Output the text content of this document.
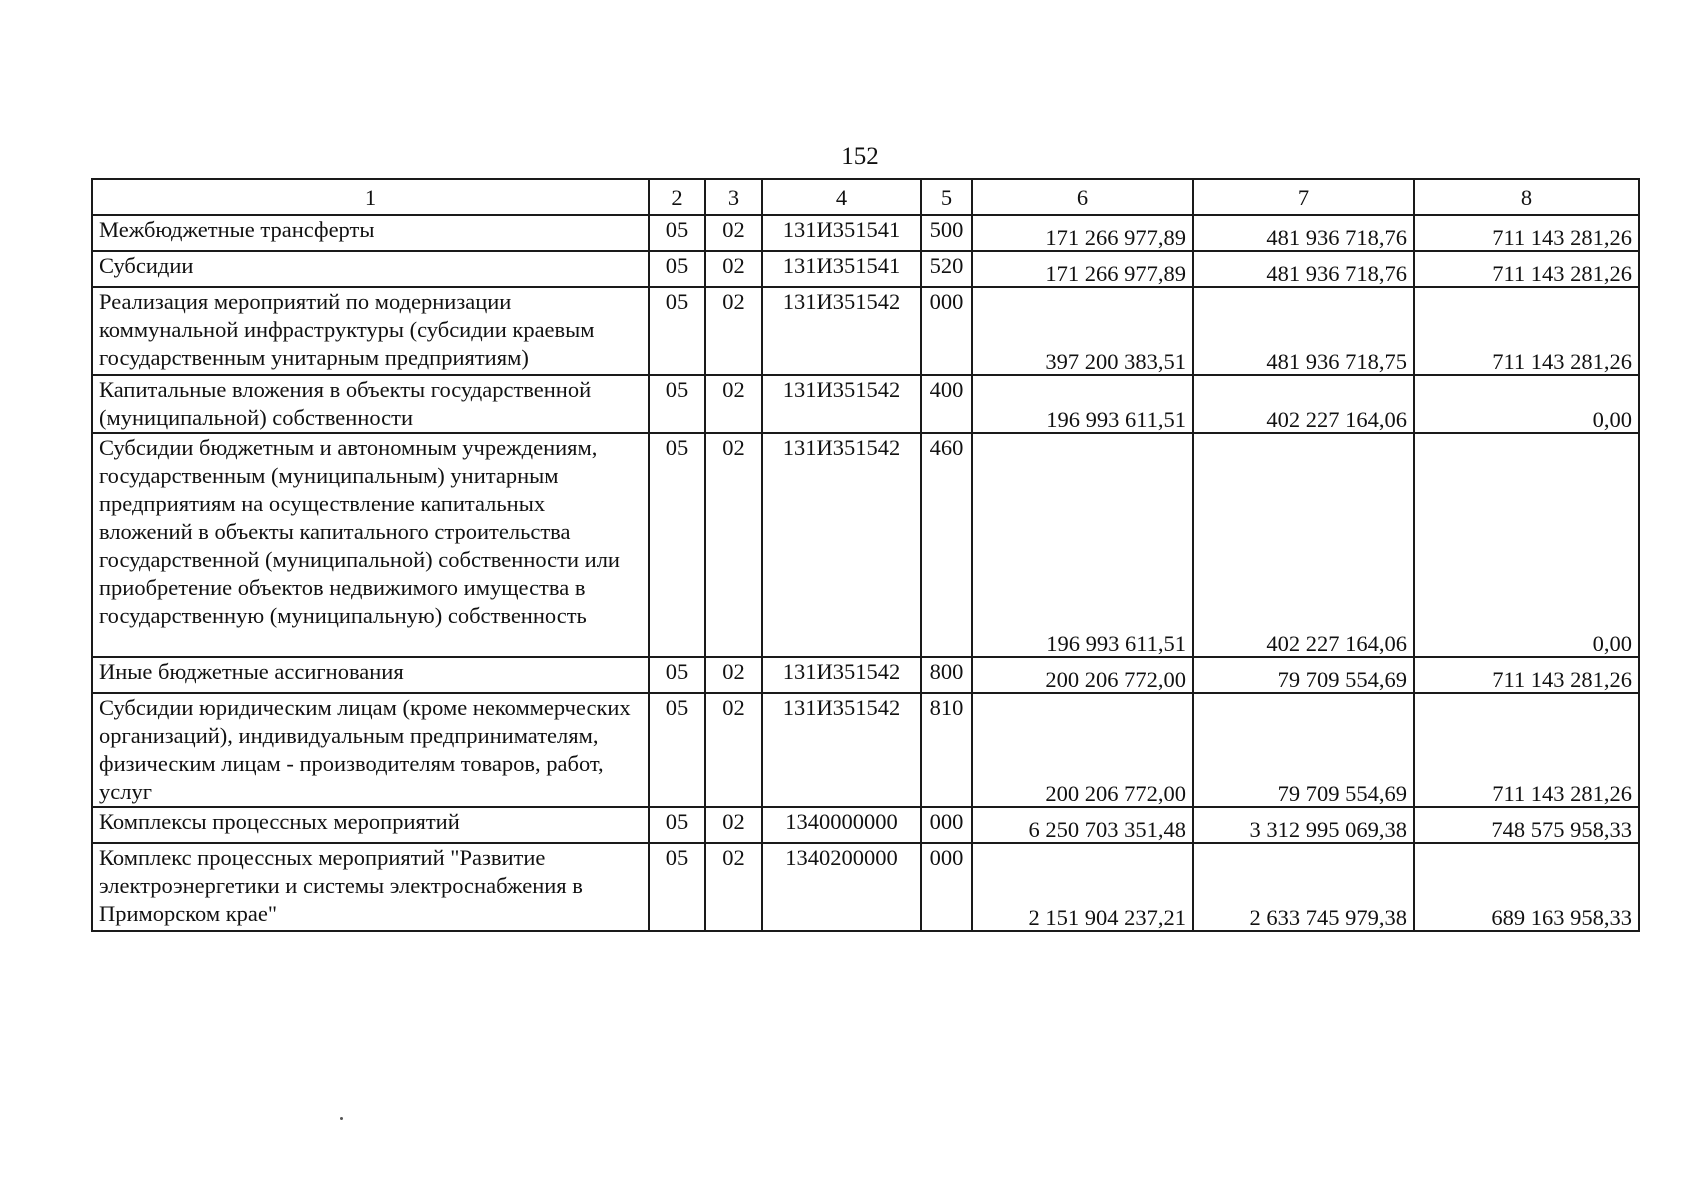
152
1	2	3	4	5	6	7	8
Межбюджетные трансферты	05	02	131И351541	500	171 266 977,89	481 936 718,76	711 143 281,26
Субсидии	05	02	131И351541	520	171 266 977,89	481 936 718,76	711 143 281,26
Реализация мероприятий по модернизации коммунальной инфраструктуры (субсидии краевым государственным унитарным предприятиям)	05	02	131И351542	000	397 200 383,51	481 936 718,75	711 143 281,26
Капитальные вложения в объекты государственной (муниципальной) собственности	05	02	131И351542	400	196 993 611,51	402 227 164,06	0,00
Субсидии бюджетным и автономным учреждениям, государственным (муниципальным) унитарным предприятиям на осуществление капитальных вложений в объекты капитального строительства государственной (муниципальной) собственности или приобретение объектов недвижимого имущества в государственную (муниципальную) собственность	05	02	131И351542	460	196 993 611,51	402 227 164,06	0,00
Иные бюджетные ассигнования	05	02	131И351542	800	200 206 772,00	79 709 554,69	711 143 281,26
Субсидии юридическим лицам (кроме некоммерческих организаций), индивидуальным предпринимателям, физическим лицам - производителям товаров, работ, услуг	05	02	131И351542	810	200 206 772,00	79 709 554,69	711 143 281,26
Комплексы процессных мероприятий	05	02	1340000000	000	6 250 703 351,48	3 312 995 069,38	748 575 958,33
Комплекс процессных мероприятий "Развитие электроэнергетики и системы электроснабжения в Приморском крае"	05	02	1340200000	000	2 151 904 237,21	2 633 745 979,38	689 163 958,33
